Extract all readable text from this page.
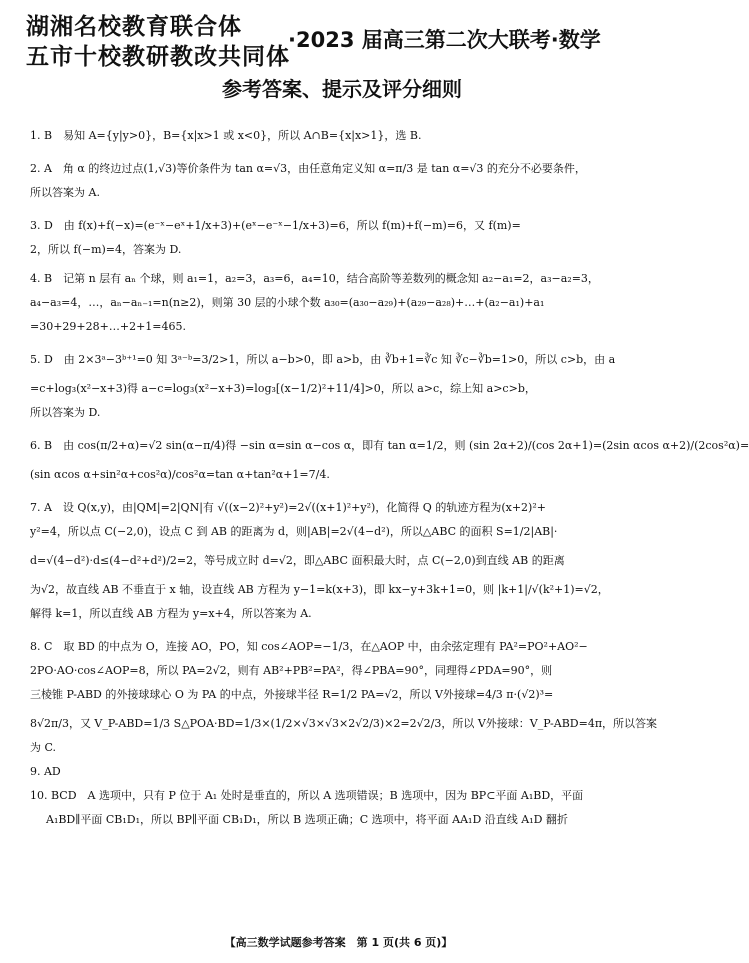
湖湘名校教育联合体
五市十校教研教改共同体
·2023 届高三第二次大联考·数学
参考答案、提示及评分细则
1. B　易知 A={y|y>0}，B={x|x>1 或 x<0}，所以 A∩B={x|x>1}，选 B.
2. A　角 α 的终边过点(1,√3)等价条件为 tan α=√3，由任意角定义知 α=π/3 是 tan α=√3 的充分不必要条件，
所以答案为 A.
3. D　由 f(x)+f(−x)=(e⁻ˣ−eˣ+1/x+3)+(eˣ−e⁻ˣ−1/x+3)=6，所以 f(m)+f(−m)=6，又 f(m)=
2，所以 f(−m)=4，答案为 D.
4. B　记第 n 层有 aₙ 个球，则 a₁=1，a₂=3，a₃=6，a₄=10，结合高阶等差数列的概念知 a₂−a₁=2，a₃−a₂=3，
a₄−a₃=4，…，aₙ−aₙ₋₁=n(n≥2)，则第 30 层的小球个数 a₃₀=(a₃₀−a₂₉)+(a₂₉−a₂₈)+…+(a₂−a₁)+a₁
=30+29+28+…+2+1=465.
5. D　由 2×3ᵃ−3ᵇ⁺¹=0 知 3ᵃ⁻ᵇ=3/2>1，所以 a−b>0，即 a>b，由 ∛b+1=∛c 知 ∛c−∛b=1>0，所以 c>b，由 a
=c+log₃(x²−x+3)得 a−c=log₃(x²−x+3)=log₃[(x−1/2)²+11/4]>0，所以 a>c，综上知 a>c>b，
所以答案为 D.
6. B　由 cos(π/2+α)=√2 sin(α−π/4)得 −sin α=sin α−cos α，即有 tan α=1/2，则 (sin 2α+2)/(cos 2α+1)=(2sin αcos α+2)/(2cos²α)=
(sin αcos α+sin²α+cos²α)/cos²α=tan α+tan²α+1=7/4.
7. A　设 Q(x,y)，由|QM|=2|QN|有 √((x−2)²+y²)=2√((x+1)²+y²)，化简得 Q 的轨迹方程为(x+2)²+
y²=4，所以点 C(−2,0)，设点 C 到 AB 的距离为 d，则|AB|=2√(4−d²)，所以△ABC 的面积 S=1/2|AB|·
d=√(4−d²)·d≤(4−d²+d²)/2=2，等号成立时 d=√2，即△ABC 面积最大时，点 C(−2,0)到直线 AB 的距离
为√2，故直线 AB 不垂直于 x 轴，设直线 AB 方程为 y−1=k(x+3)，即 kx−y+3k+1=0，则 |k+1|/√(k²+1)=√2，
解得 k=1，所以直线 AB 方程为 y=x+4，所以答案为 A.
8. C　取 BD 的中点为 O，连接 AO，PO，知 cos∠AOP=−1/3，在△AOP 中，由余弦定理有 PA²=PO²+AO²−
2PO·AO·cos∠AOP=8，所以 PA=2√2，则有 AB²+PB²=PA²，得∠PBA=90°，同理得∠PDA=90°，则
三棱锥 P-ABD 的外接球球心 O 为 PA 的中点，外接球半径 R=1/2 PA=√2，所以 V外接球=4/3 π·(√2)³=
8√2π/3，又 V_P-ABD=1/3 S△POA·BD=1/3×(1/2×√3×√3×2√2/3)×2=2√2/3，所以 V外接球：V_P-ABD=4π，所以答案
为 C.
9. AD
10. BCD　A 选项中，只有 P 位于 A₁ 处时是垂直的，所以 A 选项错误；B 选项中，因为 BP⊂平面 A₁BD，平面
A₁BD∥平面 CB₁D₁，所以 BP∥平面 CB₁D₁，所以 B 选项正确；C 选项中，将平面 AA₁D 沿直线 A₁D 翻折
【高三数学试题参考答案　第 1 页(共 6 页)】
